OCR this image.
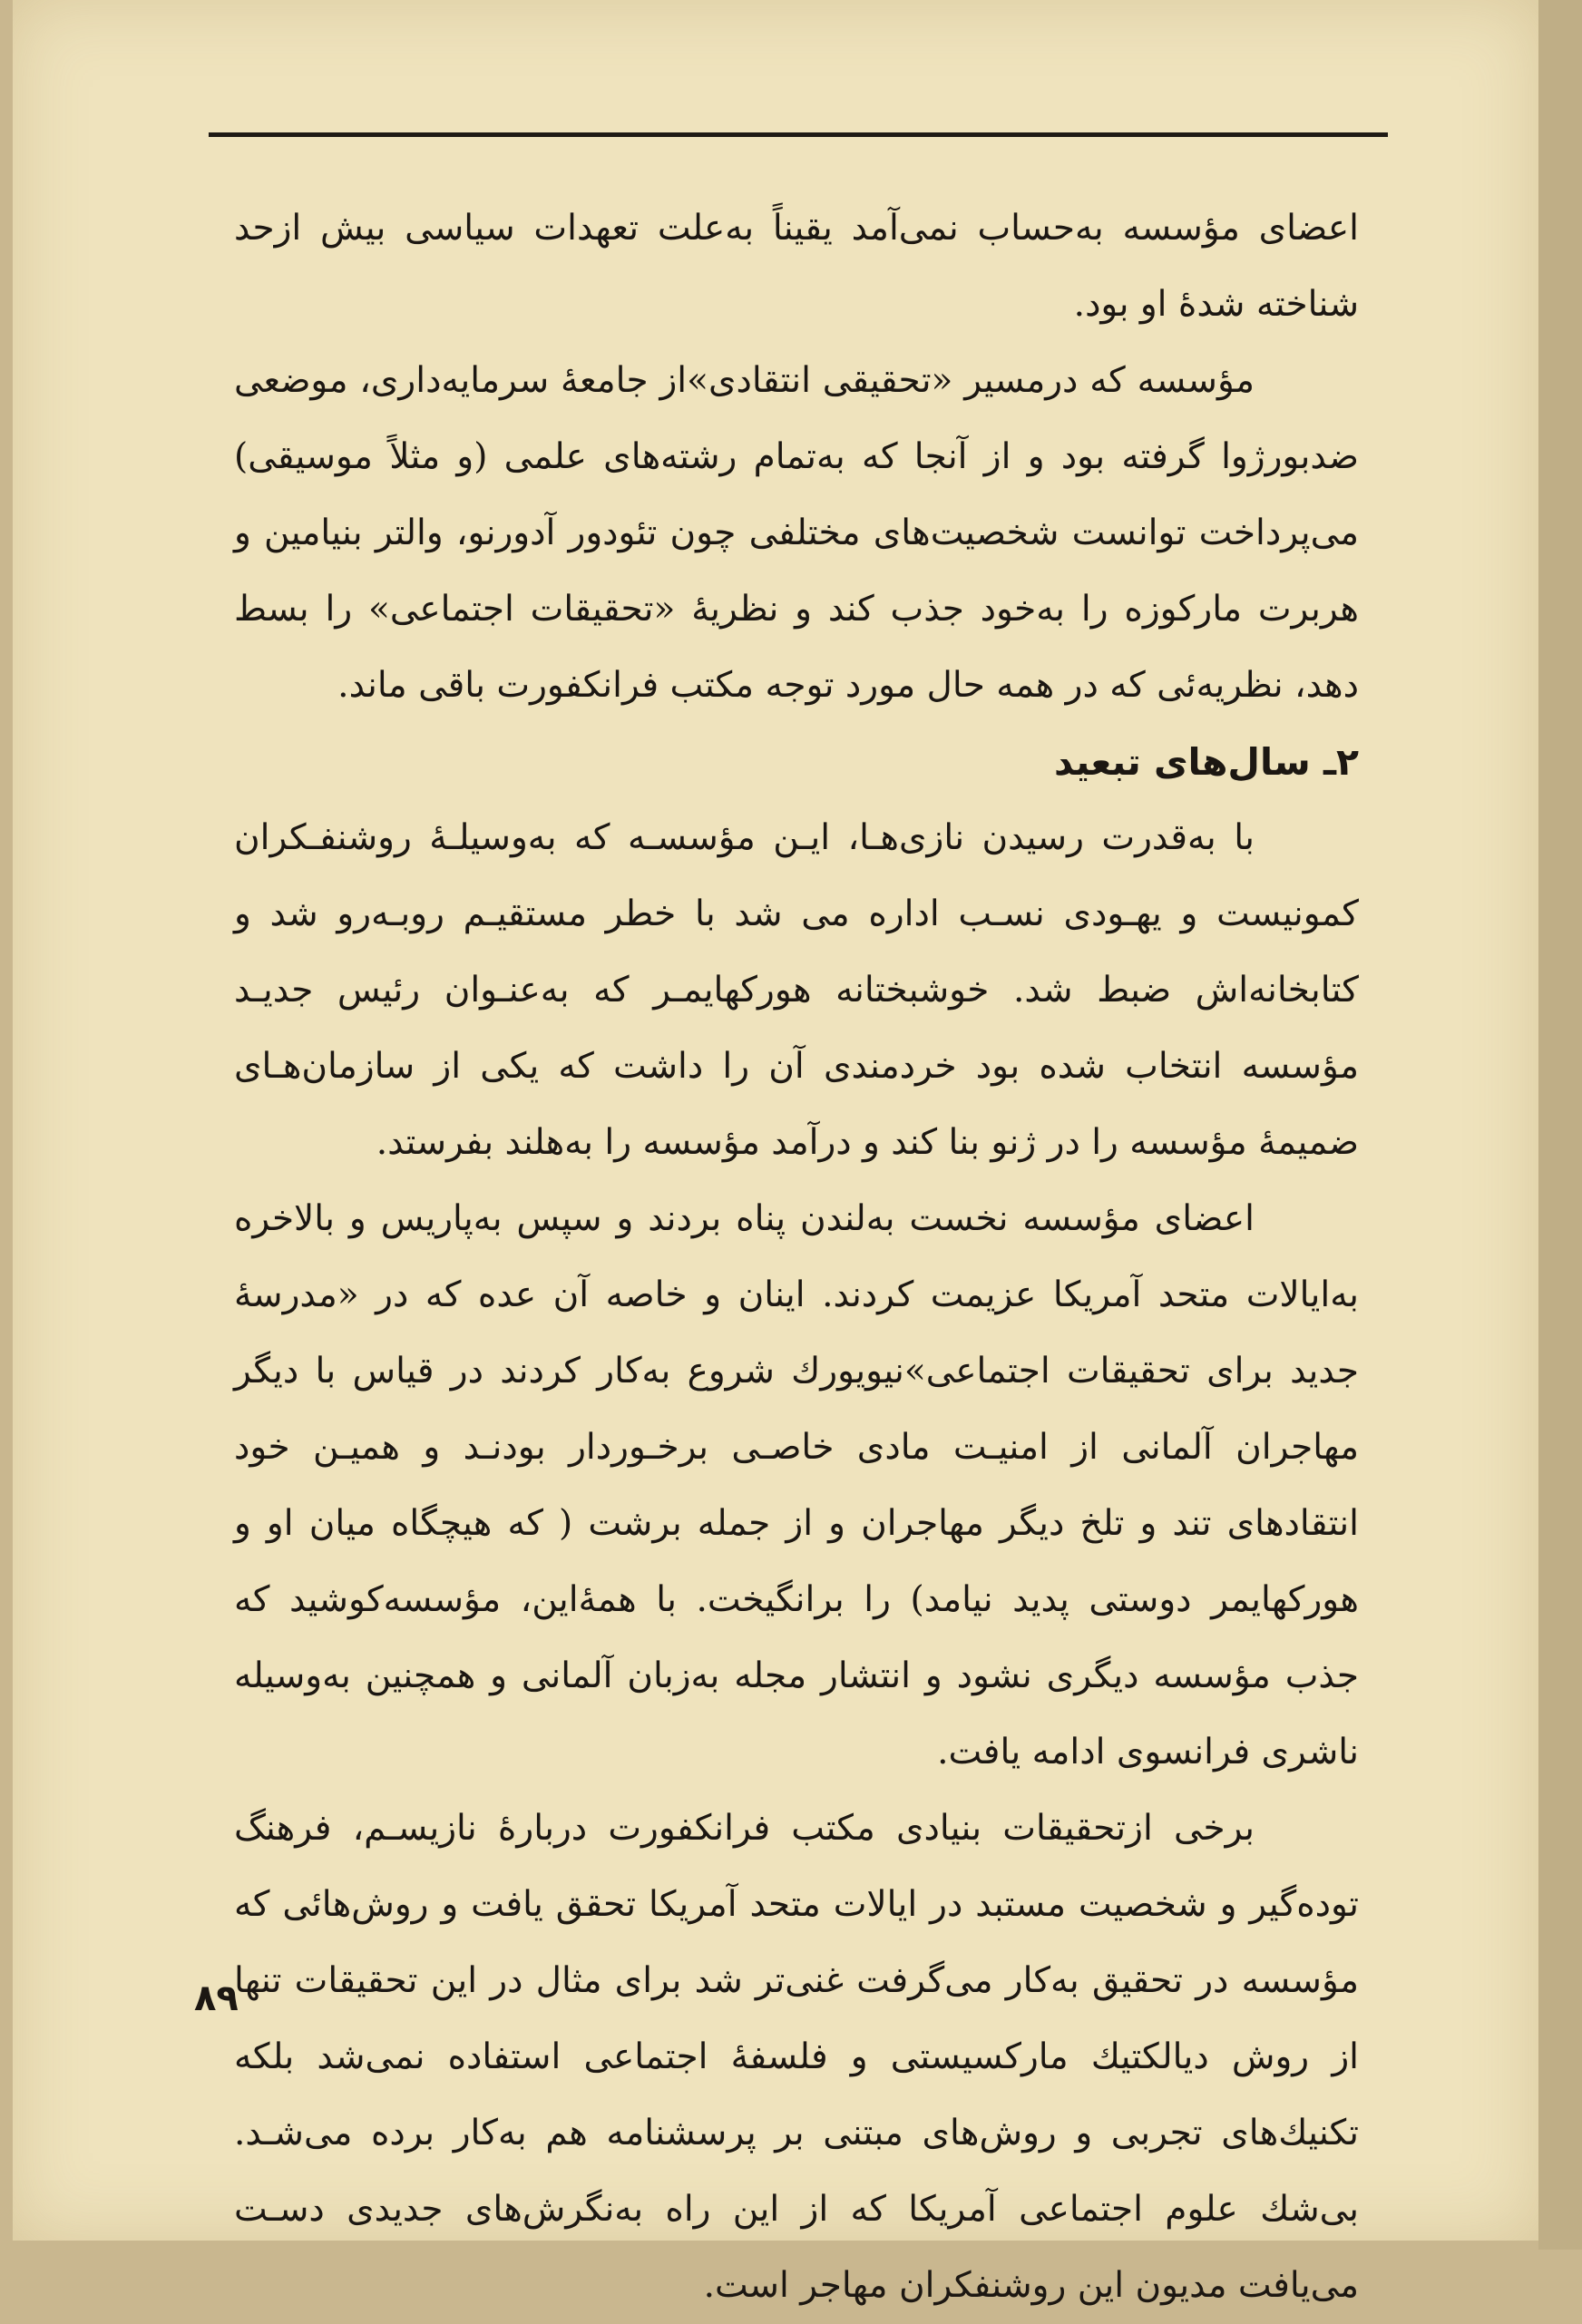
اعضای مؤسسه به‌حساب نمی‌آمد یقیناً به‌علت تعهدات سیاسی بیش ازحد شناخته شدهٔ او بود.

مؤسسه که درمسیر «تحقیقی انتقادی»از جامعهٔ سرمایه‌داری، موضعی ضدبورژوا گرفته بود و از آنجا که به‌تمام رشته‌های علمی (و مثلاً موسیقی) می‌پرداخت توانست شخصیت‌های مختلفی چون تئودور آدورنو، والتر بنیامین و هربرت مارکوزه را به‌خود جذب کند و نظریهٔ «تحقیقات اجتماعی» را بسط دهد، نظریه‌ئی که در همه حال مورد توجه مکتب فرانکفورت باقی ماند.

۲ـ سال‌های تبعید

با به‌قدرت رسیدن نازی‌هـا، ایـن مؤسسـه که به‌وسیلـهٔ روشنفـکران کمونیست و یهـودی نسـب اداره می شد با خطر مستقیـم روبـه‌رو شد و کتابخانه‌اش ضبط شد. خوشبختانه هورکهایمـر که به‌عنـوان رئیس جدیـد مؤسسه انتخاب شده بود خردمندی آن را داشت که یکی از سازمان‌هـای ضمیمهٔ مؤسسه را در ژنو بنا کند و درآمد مؤسسه را به‌هلند بفرستد.

اعضای مؤسسه نخست به‌لندن پناه بردند و سپس به‌پاریس و بالاخره به‌ایالات متحد آمریکا عزیمت کردند. اینان و خاصه آن عده که در «مدرسهٔ جدید برای تحقیقات اجتماعی»نیویورك شروع به‌کار کردند در قیاس با دیگر مهاجران آلمانی از امنیـت مادی خاصـی برخـوردار بودنـد و همیـن خود انتقادهای تند و تلخ دیگر مهاجران و از جمله برشت ( که هیچگاه میان او و هورکهایمر دوستی پدید نیامد) را برانگیخت. با همهٔ‌این، مؤسسه‌کوشید که جذب مؤسسه دیگری نشود و انتشار مجله به‌زبان آلمانی و همچنین به‌وسیله ناشری فرانسوی ادامه یافت.

برخی ازتحقیقات بنیادی مکتب فرانکفورت دربارهٔ نازیسـم، فرهنگ توده‌گیر و شخصیت مستبد در ایالات متحد آمریکا تحقق یافت و روش‌هائی که مؤسسه در تحقیق به‌کار می‌گرفت غنی‌تر شد برای مثال در این تحقیقات تنها از روش دیالکتیك مارکسیستی و فلسفهٔ اجتماعی استفاده نمی‌شد بلکه تکنیك‌های تجربی و روش‌های مبتنی بر پرسشنامه هم به‌کار برده می‌شـد. بی‌شك علوم اجتماعی آمریکا که از این راه به‌نگرش‌های جدیدی دسـت می‌یافت مدیون این روشنفکران مهاجر است.

۸۹
